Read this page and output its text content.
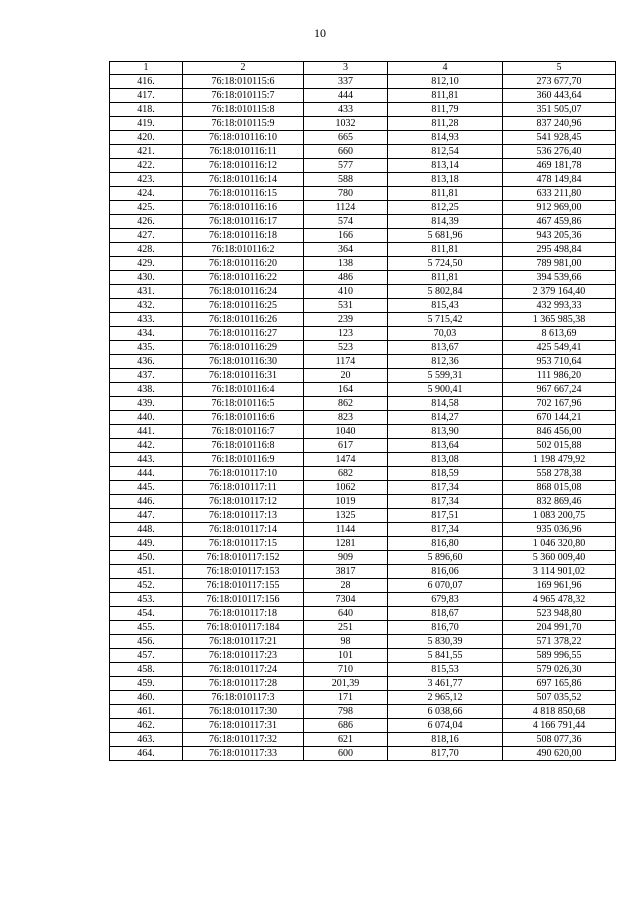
10
1	2	3	4	5
416.	76:18:010115:6	337	812,10	273 677,70
417.	76:18:010115:7	444	811,81	360 443,64
418.	76:18:010115:8	433	811,79	351 505,07
419.	76:18:010115:9	1032	811,28	837 240,96
420.	76:18:010116:10	665	814,93	541 928,45
421.	76:18:010116:11	660	812,54	536 276,40
422.	76:18:010116:12	577	813,14	469 181,78
423.	76:18:010116:14	588	813,18	478 149,84
424.	76:18:010116:15	780	811,81	633 211,80
425.	76:18:010116:16	1124	812,25	912 969,00
426.	76:18:010116:17	574	814,39	467 459,86
427.	76:18:010116:18	166	5 681,96	943 205,36
428.	76:18:010116:2	364	811,81	295 498,84
429.	76:18:010116:20	138	5 724,50	789 981,00
430.	76:18:010116:22	486	811,81	394 539,66
431.	76:18:010116:24	410	5 802,84	2 379 164,40
432.	76:18:010116:25	531	815,43	432 993,33
433.	76:18:010116:26	239	5 715,42	1 365 985,38
434.	76:18:010116:27	123	70,03	8 613,69
435.	76:18:010116:29	523	813,67	425 549,41
436.	76:18:010116:30	1174	812,36	953 710,64
437.	76:18:010116:31	20	5 599,31	111 986,20
438.	76:18:010116:4	164	5 900,41	967 667,24
439.	76:18:010116:5	862	814,58	702 167,96
440.	76:18:010116:6	823	814,27	670 144,21
441.	76:18:010116:7	1040	813,90	846 456,00
442.	76:18:010116:8	617	813,64	502 015,88
443.	76:18:010116:9	1474	813,08	1 198 479,92
444.	76:18:010117:10	682	818,59	558 278,38
445.	76:18:010117:11	1062	817,34	868 015,08
446.	76:18:010117:12	1019	817,34	832 869,46
447.	76:18:010117:13	1325	817,51	1 083 200,75
448.	76:18:010117:14	1144	817,34	935 036,96
449.	76:18:010117:15	1281	816,80	1 046 320,80
450.	76:18:010117:152	909	5 896,60	5 360 009,40
451.	76:18:010117:153	3817	816,06	3 114 901,02
452.	76:18:010117:155	28	6 070,07	169 961,96
453.	76:18:010117:156	7304	679,83	4 965 478,32
454.	76:18:010117:18	640	818,67	523 948,80
455.	76:18:010117:184	251	816,70	204 991,70
456.	76:18:010117:21	98	5 830,39	571 378,22
457.	76:18:010117:23	101	5 841,55	589 996,55
458.	76:18:010117:24	710	815,53	579 026,30
459.	76:18:010117:28	201,39	3 461,77	697 165,86
460.	76:18:010117:3	171	2 965,12	507 035,52
461.	76:18:010117:30	798	6 038,66	4 818 850,68
462.	76:18:010117:31	686	6 074,04	4 166 791,44
463.	76:18:010117:32	621	818,16	508 077,36
464.	76:18:010117:33	600	817,70	490 620,00
